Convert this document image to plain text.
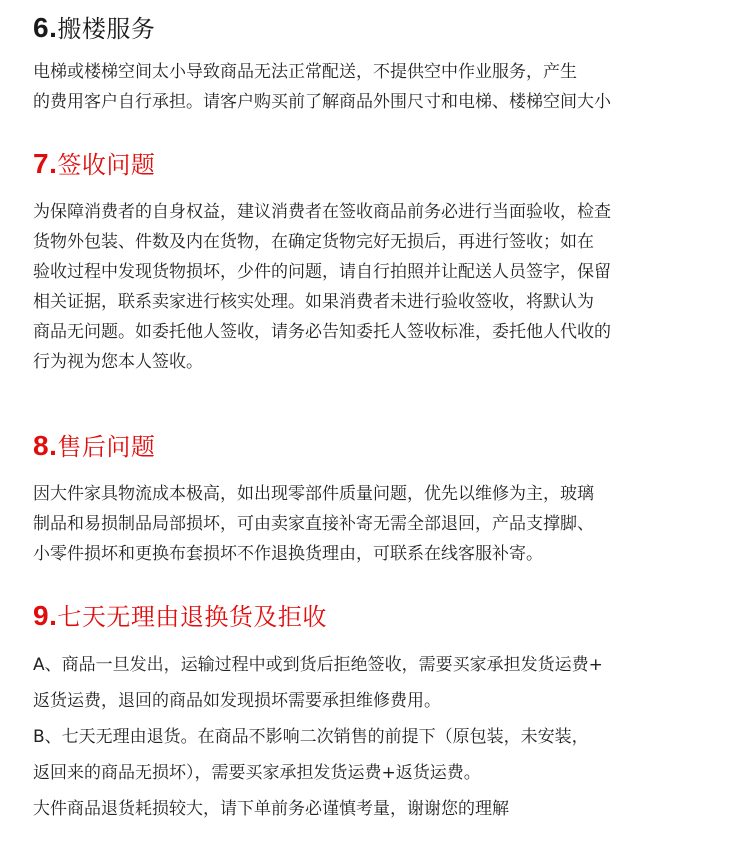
6.搬楼服务

电梯或楼梯空间太小导致商品无法正常配送，不提供空中作业服务，产生
的费用客户自行承担。请客户购买前了解商品外围尺寸和电梯、楼梯空间大小

7.签收问题

为保障消费者的自身权益，建议消费者在签收商品前务必进行当面验收，检查
货物外包装、件数及内在货物，在确定货物完好无损后，再进行签收；如在
验收过程中发现货物损坏，少件的问题，请自行拍照并让配送人员签字，保留
相关证据，联系卖家进行核实处理。如果消费者未进行验收签收，将默认为
商品无问题。如委托他人签收，请务必告知委托人签收标准，委托他人代收的
行为视为您本人签收。

8.售后问题

因大件家具物流成本极高，如出现零部件质量问题，优先以维修为主，玻璃
制品和易损制品局部损坏，可由卖家直接补寄无需全部退回，产品支撑脚、
小零件损坏和更换布套损坏不作退换货理由，可联系在线客服补寄。

9.七天无理由退换货及拒收

A、商品一旦发出，运输过程中或到货后拒绝签收，需要买家承担发货运费+
返货运费，退回的商品如发现损坏需要承担维修费用。
B、七天无理由退货。在商品不影响二次销售的前提下（原包装，未安装，
返回来的商品无损坏），需要买家承担发货运费+返货运费。
大件商品退货耗损较大，请下单前务必谨慎考量，谢谢您的理解
